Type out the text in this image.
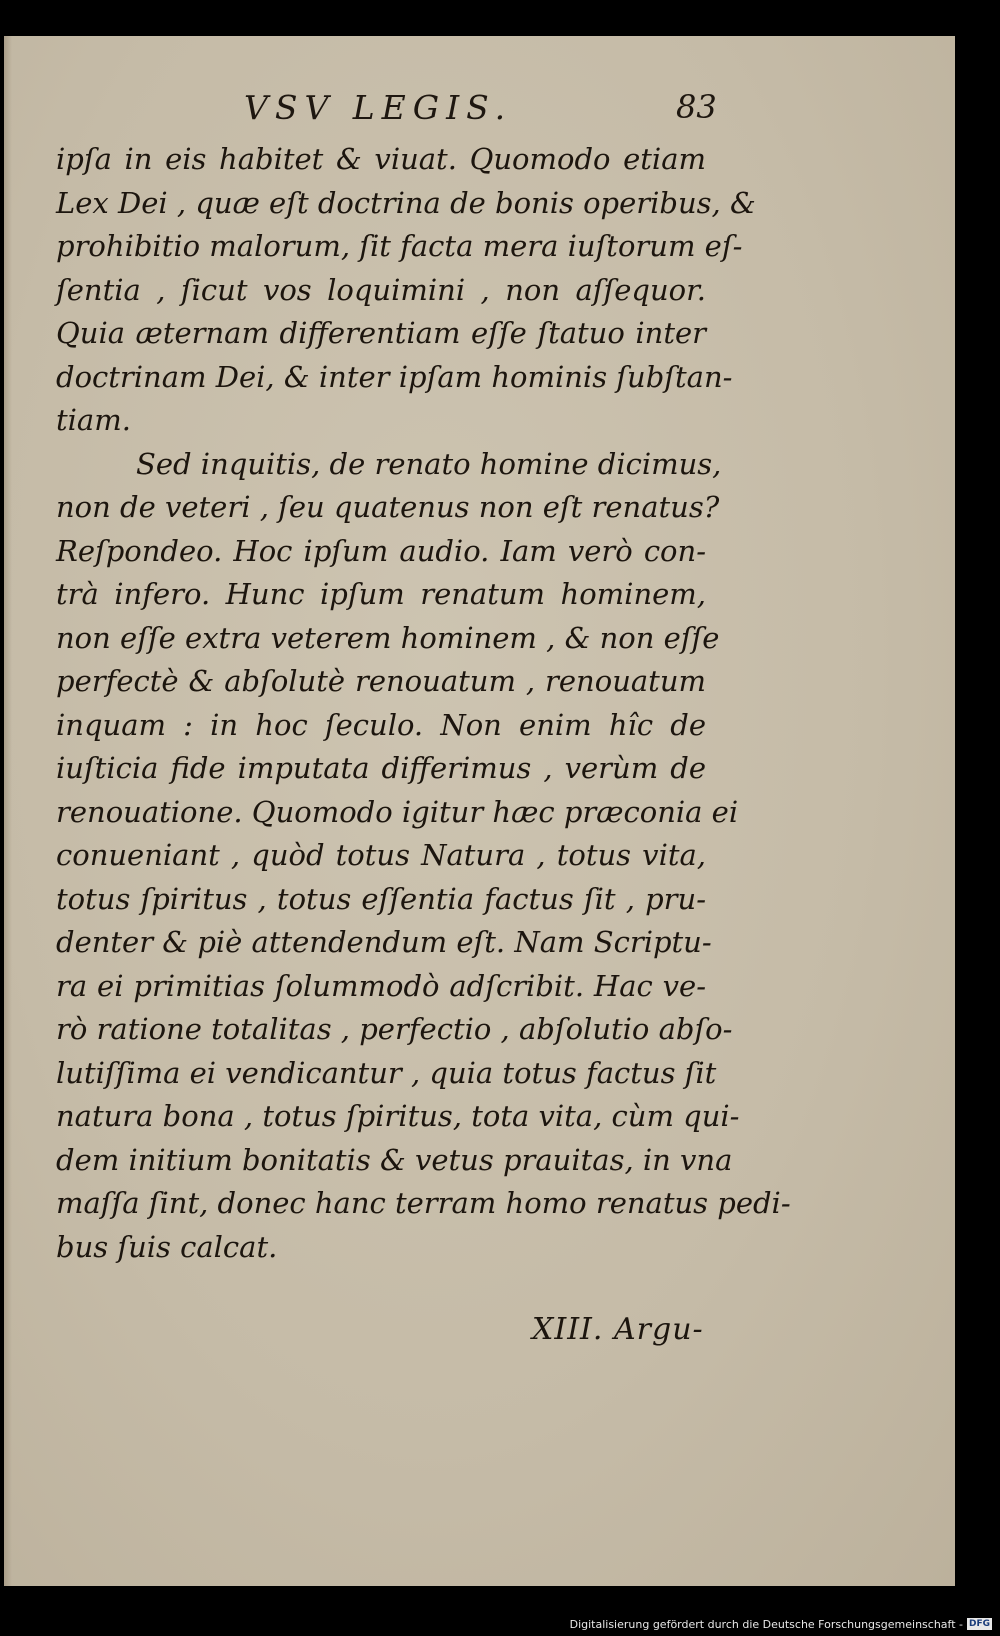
VSV LEGIS.	83
ipſa in eis habitet & viuat. Quomodo etiam
Lex Dei , quæ eſt doctrina de bonis operibus, &
prohibitio malorum, ſit facta mera iuſtorum eſ-
ſentia , ſicut vos loquimini , non aſſequor.
Quia æternam differentiam eſſe ſtatuo inter
doctrinam Dei, & inter ipſam hominis ſubſtan-
tiam.
Sed inquitis, de renato homine dicimus,
non de veteri , ſeu quatenus non eſt renatus?
Reſpondeo. Hoc ipſum audio. Iam verò con-
trà infero. Hunc ipſum renatum hominem,
non eſſe extra veterem hominem , & non eſſe
perfectè & abſolutè renouatum , renouatum
inquam : in hoc ſeculo. Non enim hîc de
iuſticia fide imputata differimus , verùm de
renouatione. Quomodo igitur hæc præconia ei
conueniant , quòd totus Natura , totus vita,
totus ſpiritus , totus eſſentia factus ſit , pru-
denter & piè attendendum eſt. Nam Scriptu-
ra ei primitias ſolummodò adſcribit. Hac ve-
rò ratione totalitas , perfectio , abſolutio abſo-
lutiſſima ei vendicantur , quia totus factus ſit
natura bona , totus ſpiritus, tota vita, cùm qui-
dem initium bonitatis & vetus prauitas, in vna
maſſa ſint, donec hanc terram homo renatus pedi-
bus ſuis calcat.
XIII. Argu-
Digitalisierung gefördert durch die Deutsche Forschungsgemeinschaft - DFG
